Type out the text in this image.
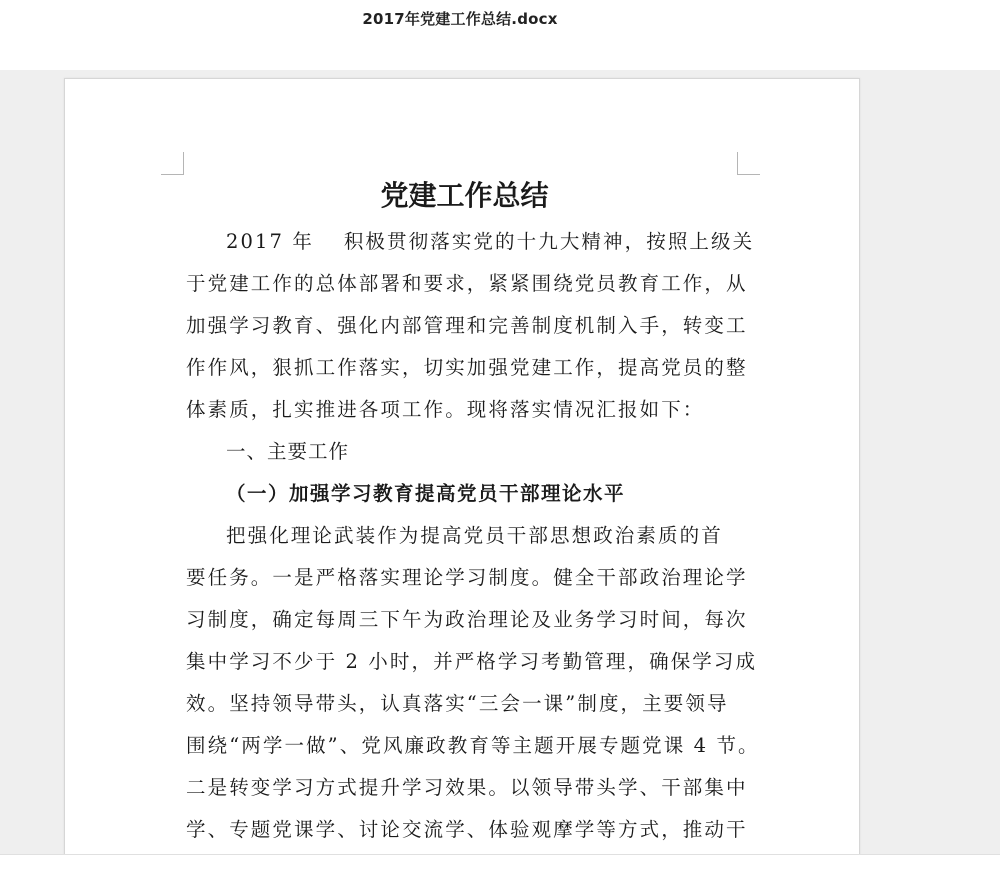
2017年党建工作总结.docx
党建工作总结
2017 年　 积极贯彻落实党的十九大精神，按照上级关
于党建工作的总体部署和要求，紧紧围绕党员教育工作，从
加强学习教育、强化内部管理和完善制度机制入手，转变工
作作风，狠抓工作落实，切实加强党建工作，提高党员的整
体素质，扎实推进各项工作。现将落实情况汇报如下：
一、主要工作
（一）加强学习教育提高党员干部理论水平
把强化理论武装作为提高党员干部思想政治素质的首
要任务。一是严格落实理论学习制度。健全干部政治理论学
习制度，确定每周三下午为政治理论及业务学习时间，每次
集中学习不少于 2 小时，并严格学习考勤管理，确保学习成
效。坚持领导带头，认真落实“三会一课”制度，主要领导
围绕“两学一做”、党风廉政教育等主题开展专题党课 4 节。
二是转变学习方式提升学习效果。以领导带头学、干部集中
学、专题党课学、讨论交流学、体验观摩学等方式，推动干
